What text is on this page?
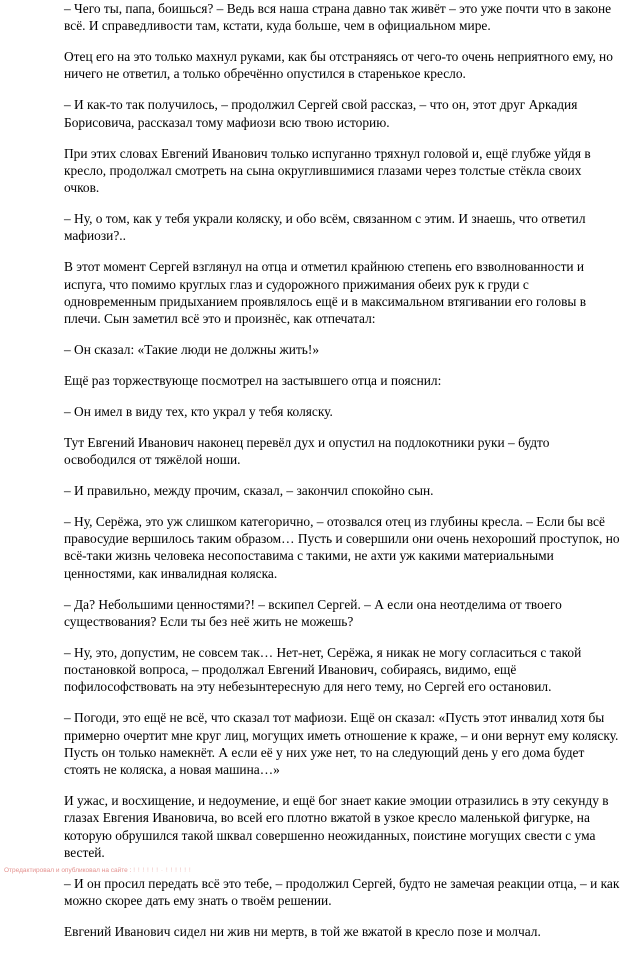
– Чего ты, папа, боишься? – Ведь вся наша страна давно так живёт – это уже почти что в законе всё. И справедливости там, кстати, куда больше, чем в официальном мире.

Отец его на это только махнул руками, как бы отстраняясь от чего-то очень неприятного ему, но ничего не ответил, а только обречённо опустился в старенькое кресло.

– И как-то так получилось, – продолжил Сергей свой рассказ, – что он, этот друг Аркадия Борисовича, рассказал тому мафиози всю твою историю.

При этих словах Евгений Иванович только испуганно тряхнул головой и, ещё глубже уйдя в кресло, продолжал смотреть на сына округлившимися глазами через толстые стёкла своих очков.

– Ну, о том, как у тебя украли коляску, и обо всём, связанном с этим. И знаешь, что ответил мафиози?..

В этот момент Сергей взглянул на отца и отметил крайнюю степень его взволнованности и испуга, что помимо круглых глаз и судорожного прижимания обеих рук к груди с одновременным придыханием проявлялось ещё и в максимальном втягивании его головы в плечи. Сын заметил всё это и произнёс, как отпечатал:

– Он сказал: «Такие люди не должны жить!»

Ещё раз торжествующе посмотрел на застывшего отца и пояснил:

– Он имел в виду тех, кто украл у тебя коляску.

Тут Евгений Иванович наконец перевёл дух и опустил на подлокотники руки – будто освободился от тяжёлой ноши.

– И правильно, между прочим, сказал, – закончил спокойно сын.

– Ну, Серёжа, это уж слишком категорично, – отозвался отец из глубины кресла. – Если бы всё правосудие вершилось таким образом… Пусть и совершили они очень нехороший проступок, но всё-таки жизнь человека несопоставима с такими, не ахти уж какими материальными ценностями, как инвалидная коляска.

– Да? Небольшими ценностями?! – вскипел Сергей. – А если она неотделима от твоего существования? Если ты без неё жить не можешь?

– Ну, это, допустим, не совсем так… Нет-нет, Серёжа, я никак не могу согласиться с такой постановкой вопроса, – продолжал Евгений Иванович, собираясь, видимо, ещё пофилософствовать на эту небезынтересную для него тему, но Сергей его остановил.

– Погоди, это ещё не всё, что сказал тот мафиози. Ещё он сказал: «Пусть этот инвалид хотя бы примерно очертит мне круг лиц, могущих иметь отношение к краже, – и они вернут ему коляску. Пусть он только намекнёт. А если её у них уже нет, то на следующий день у его дома будет стоять не коляска, а новая машина…»

И ужас, и восхищение, и недоумение, и ещё бог знает какие эмоции отразились в эту секунду в глазах Евгения Ивановича, во всей его плотно вжатой в узкое кресло маленькой фигурке, на которую обрушился такой шквал совершенно неожиданных, поистине могущих свести с ума вестей.

– И он просил передать всё это тебе, – продолжил Сергей, будто не замечая реакции отца, – и как можно скорее дать ему знать о твоём решении.

Евгений Иванович сидел ни жив ни мертв, в той же вжатой в кресло позе и молчал.

Отредактировал и опубликовал на сайте : ! ! ! ! ! ! · ! ! ! ! ! !
